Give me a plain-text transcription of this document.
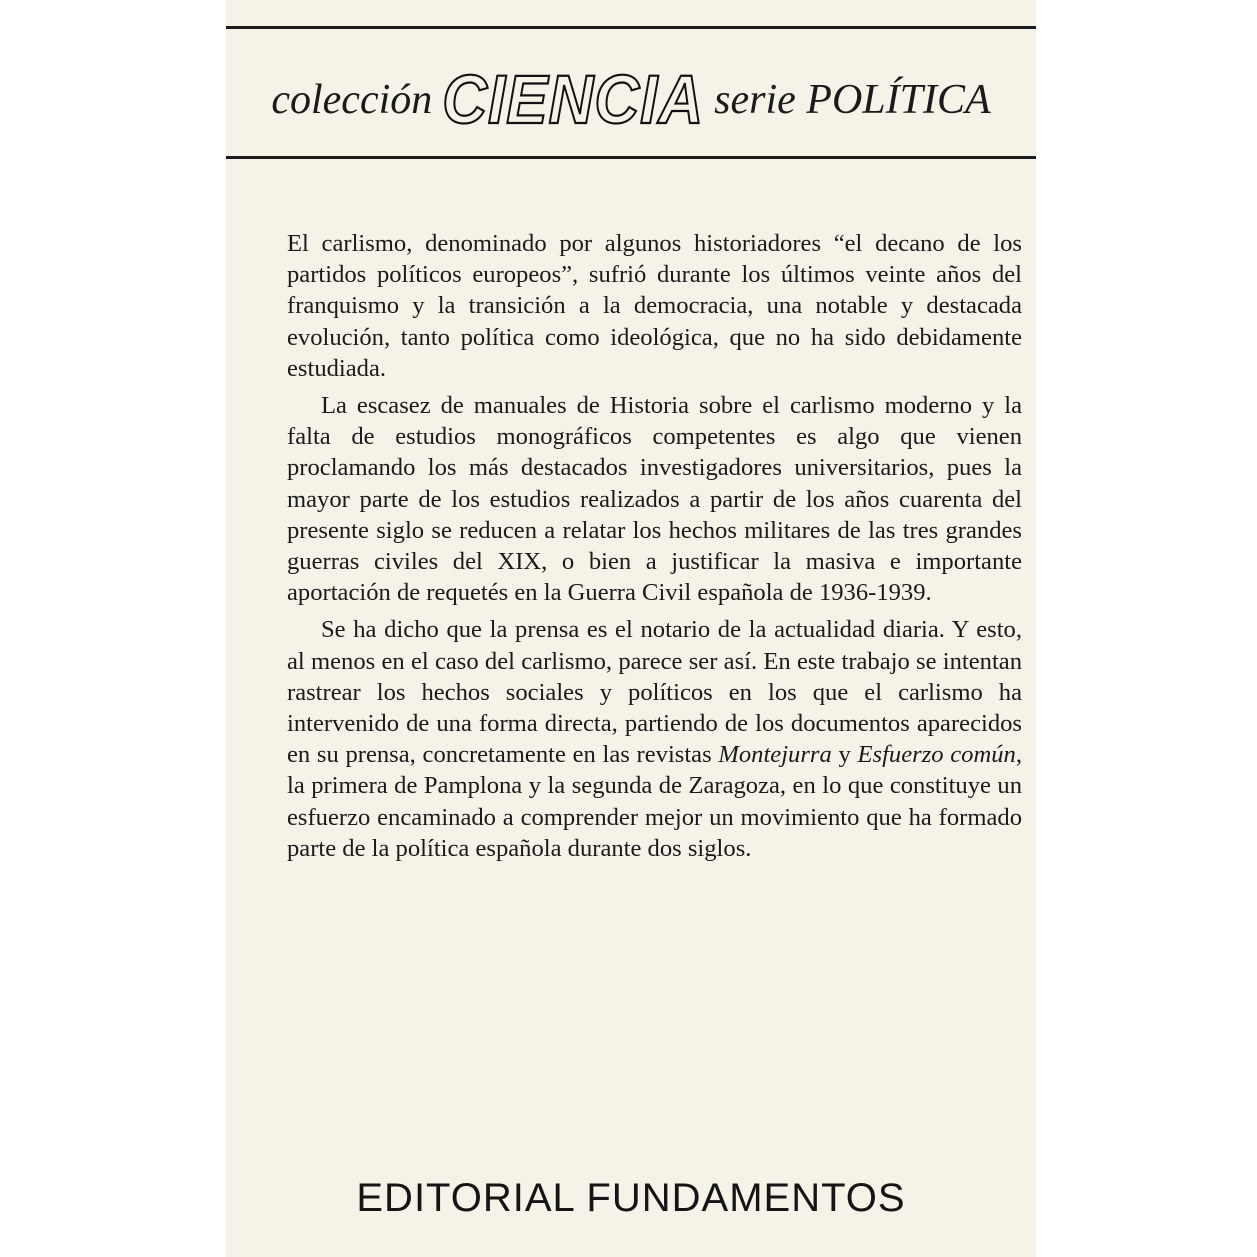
colección CIENCIA serie POLÍTICA

El carlismo, denominado por algunos historiadores “el decano de los partidos políticos europeos”, sufrió durante los últimos veinte años del franquismo y la transición a la democracia, una notable y destacada evolución, tanto política como ideológica, que no ha sido debidamente estudiada.

La escasez de manuales de Historia sobre el carlismo moderno y la falta de estudios monográficos competentes es algo que vienen proclamando los más destacados investigadores universitarios, pues la mayor parte de los estudios realizados a partir de los años cuarenta del presente siglo se reducen a relatar los hechos militares de las tres grandes guerras civiles del XIX, o bien a justificar la masiva e importante aportación de requetés en la Guerra Civil española de 1936-1939.

Se ha dicho que la prensa es el notario de la actualidad diaria. Y esto, al menos en el caso del carlismo, parece ser así. En este trabajo se intentan rastrear los hechos sociales y políticos en los que el carlismo ha intervenido de una forma directa, partiendo de los documentos aparecidos en su prensa, concretamente en las revistas Montejurra y Esfuerzo común, la primera de Pamplona y la segunda de Zaragoza, en lo que constituye un esfuerzo encaminado a comprender mejor un movimiento que ha formado parte de la política española durante dos siglos.

EDITORIAL FUNDAMENTOS
